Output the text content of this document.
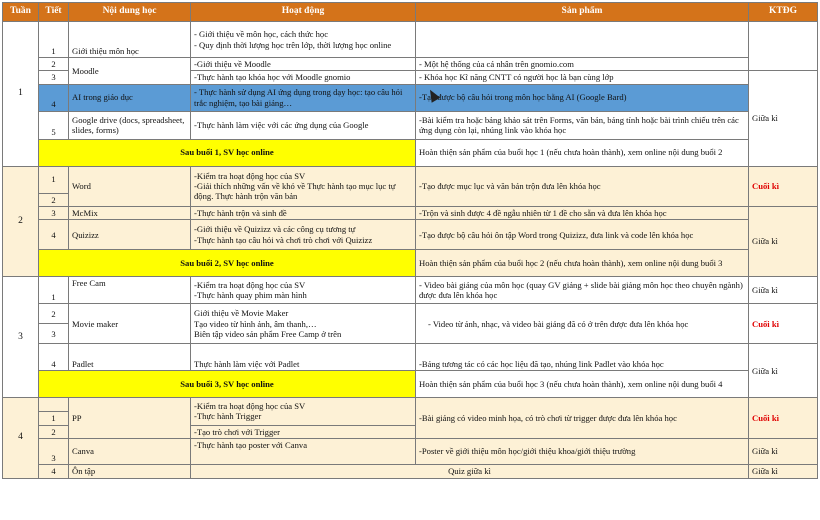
Tuần	Tiết	Nội dung học	Hoạt động	Sản phẩm	KTĐG
1	1	Giới thiệu môn học	- Giới thiệu về môn học, cách thức học
- Quy định thời lượng học trên lớp, thời lượng học online		
	2	Moodle	-Giới thiệu về Moodle	- Một hệ thống của cá nhân trên gnomio.com	
	3		-Thực hành tạo khóa học với Moodle gnomio	- Khóa học Kĩ năng CNTT có người học là bạn cùng lớp	Giữa kì
	4	AI trong giáo dục	- Thực hành sử dụng AI ứng dụng trong dạy học: tạo câu hỏi trắc nghiệm, tạo bài giảng…	-Tạo được bộ câu hỏi trong môn học bằng AI (Google Bard)	
	5	Google drive (docs, spreadsheet, slides, forms)	-Thực hành làm việc với các ứng dụng của Google	-Bài kiểm tra hoặc bảng khảo sát trên Forms, văn bản, bảng tính hoặc bài trình chiếu trên các ứng dụng còn lại, nhúng link vào khóa học	
	Sau buổi 1, SV học online			Hoàn thiện sản phẩm của buổi học 1 (nếu chưa hoàn thành), xem online nội dung buổi 2	
2	1	Word	-Kiểm tra hoạt động học của SV
-Giải thích những vấn về khó về Thực hành tạo mục lục tự động. Thực hành trộn văn bản	-Tạo được mục lục và văn bản trộn đưa lên khóa học	Cuối kì
	2				
	3	McMix	-Thực hành trộn và sinh đề	-Trộn và sinh được 4 đề ngẫu nhiên từ 1 đề cho sẵn và đưa lên khóa học	Giữa kì
	4	Quizizz	-Giới thiệu về Quizizz và các công cụ tương tự
-Thực hành tạo câu hỏi và chơi trò chơi với Quizizz	-Tạo được bộ câu hỏi ôn tập Word trong Quizizz, đưa link và code lên khóa học	
	Sau buổi 2, SV học online			Hoàn thiện sản phẩm của buổi học 2 (nếu chưa hoàn thành), xem online nội dung buổi 3	
3	1	Free Cam	-Kiểm tra hoạt động học của SV
-Thực hành quay phim màn hình	- Video bài giảng của môn học (quay GV giảng + slide bài giảng môn học theo chuyên ngành) được đưa lên khóa học	Giữa kì
	2	Movie maker	Giới thiệu về Movie Maker
Tạo video từ hình ảnh, âm thanh,…
Biên tập video sản phẩm Free Camp ở trên	- Video từ ảnh, nhạc, và video bài giảng đã có ở trên được đưa lên khóa học	Cuối kì
	3				
	4	Padlet	Thực hành làm việc với Padlet	-Bảng tương tác có các học liệu đã tạo, nhúng link Padlet vào khóa học	Giữa kì
	Sau buổi 3, SV học online			Hoàn thiện sản phẩm của buổi học 3 (nếu chưa hoàn thành), xem online nội dung buổi 4	
4		PP	-Kiểm tra hoạt động học của SV
-Thực hành Trigger	-Bài giảng có video minh họa, có trò chơi từ trigger được đưa lên khóa học	Cuối kì
	1				
	2		-Tạo trò chơi với Trigger		
	3	Canva	-Thực hành tạo poster với Canva	-Poster về giới thiệu môn học/giới thiệu khoa/giới thiệu trường	Giữa kì
	4	Ôn tập	Quiz giữa kì		Giữa kì
